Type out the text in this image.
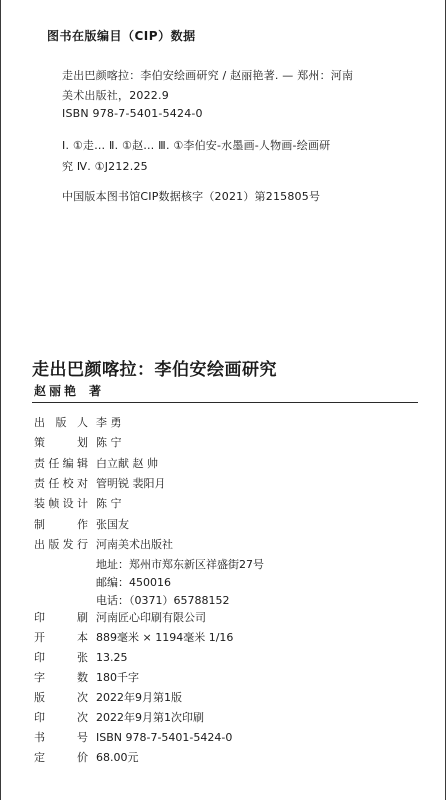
图书在版编目（CIP）数据
走出巴颜喀拉：李伯安绘画研究 / 赵丽艳著. — 郑州：河南
美术出版社，2022.9
ISBN 978-7-5401-5424-0
Ⅰ. ①走… Ⅱ. ①赵… Ⅲ. ①李伯安-水墨画-人物画-绘画研
究 Ⅳ. ①J212.25
中国版本图书馆CIP数据核字（2021）第215805号
走出巴颜喀拉：李伯安绘画研究
赵丽艳 著
出 版 人 李 勇
策	划 陈 宁
责 任 编 辑 白立献 赵 帅
责 任 校 对 管明锐 裴阳月
装 帧 设 计 陈 宁
制	作 张国友
出 版 发 行 河南美术出版社
地址：郑州市郑东新区祥盛街27号
邮编：450016
电话：（0371）65788152
印	刷 河南匠心印刷有限公司
开	本 889毫米 × 1194毫米 1/16
印	张 13.25
字	数 180千字
版	次 2022年9月第1版
印	次 2022年9月第1次印刷
书	号 ISBN 978-7-5401-5424-0
定	价 68.00元
